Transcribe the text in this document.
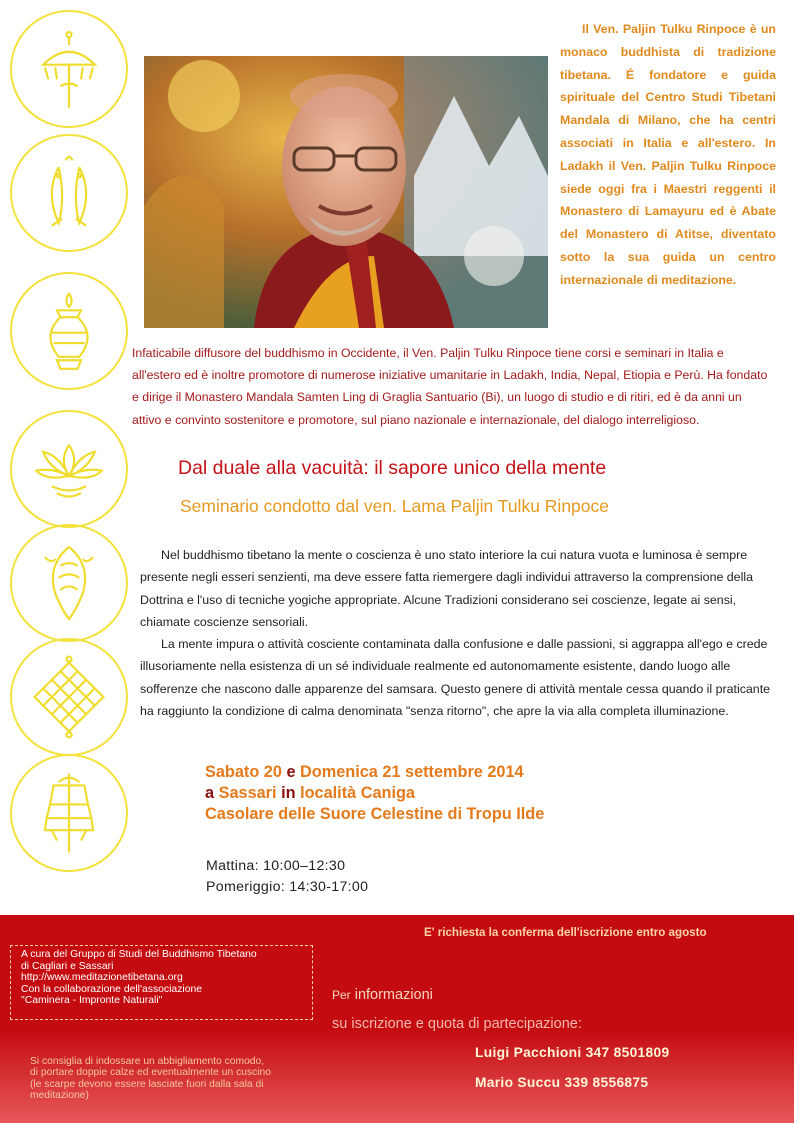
Il Ven. Paljin Tulku Rinpoce è un monaco buddhista di tradizione tibetana. É fondatore e guida spirituale del Centro Studi Tibetani Mandala di Milano, che ha centri associati in Italia e all'estero. In Ladakh il Ven. Paljin Tulku Rinpoce siede oggi fra i Maestri reggenti il Monastero di Lamayuru ed è Abate del Monastero di Atitse, diventato sotto la sua guida un centro internazionale di meditazione.

Infaticabile diffusore del buddhismo in Occidente, il Ven. Paljin Tulku Rinpoce tiene corsi e seminari in Italia e all'estero ed è inoltre promotore di numerose iniziative umanitarie in Ladakh, India, Nepal, Etiopia e Perù. Ha fondato e dirige il Monastero Mandala Samten Ling di Graglia Santuario (Bi), un luogo di studio e di ritiri, ed è da anni un attivo e convinto sostenitore e promotore, sul piano nazionale e internazionale, del dialogo interreligioso.

Dal duale alla vacuità: il sapore unico della mente
Seminario condotto dal ven. Lama Paljin Tulku Rinpoce

Nel buddhismo tibetano la mente o coscienza è uno stato interiore la cui natura vuota e luminosa è sempre presente negli esseri senzienti, ma deve essere fatta riemergere dagli individui attraverso la comprensione della Dottrina e l'uso di tecniche yogiche appropriate. Alcune Tradizioni considerano sei coscienze, legate ai sensi, chiamate coscienze sensoriali.

La mente impura o attività cosciente contaminata dalla confusione e dalle passioni, si aggrappa all'ego e crede illusoriamente nella esistenza di un sé individuale realmente ed autonomamente esistente, dando luogo alle sofferenze che nascono dalle apparenze del samsara. Questo genere di attività mentale cessa quando il praticante ha raggiunto la condizione di calma denominata "senza ritorno", che apre la via alla completa illuminazione.

Sabato 20 e Domenica 21 settembre 2014
a Sassari in località Caniga
Casolare delle Suore Celestine di Tropu Ilde
Mattina: 10:00–12:30
Pomeriggio: 14:30-17:00
E' richiesta la conferma dell'iscrizione entro agosto
A cura del Gruppo di Studi del Buddhismo Tibetano
di Cagliari e Sassari
http://www.meditazionetibetana.org
Con la collaborazione dell'associazione
"Caminera - Impronte Naturali"
Si consiglia di indossare un abbigliamento comodo,
di portare doppie calze ed eventualmente un cuscino
(le scarpe devono essere lasciate fuori dalla sala di
meditazione)
Per informazioni
su iscrizione e quota di partecipazione:
Luigi Pacchioni 347 8501809
Mario Succu 339 8556875
